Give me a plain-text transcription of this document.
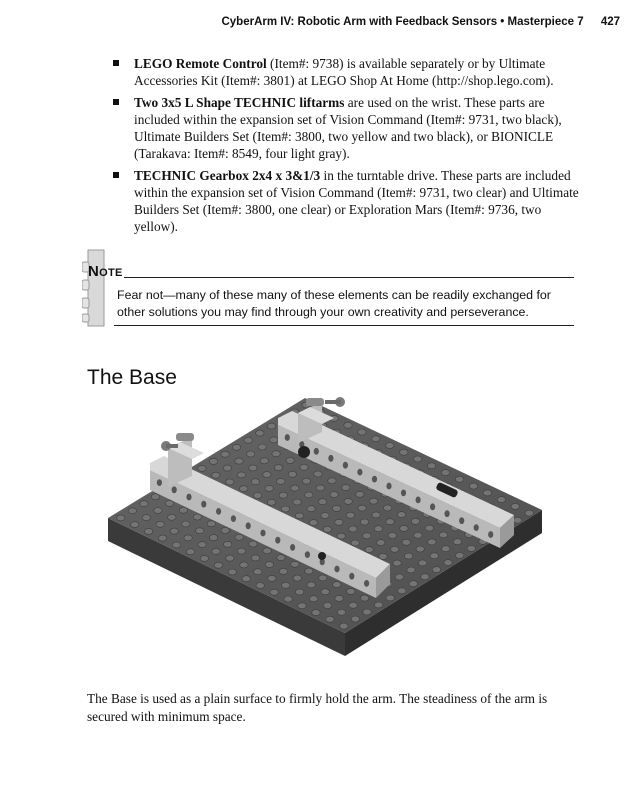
CyberArm IV: Robotic Arm with Feedback Sensors • Masterpiece 7 427
LEGO Remote Control (Item#: 9738) is available separately or by Ultimate Accessories Kit (Item#: 3801) at LEGO Shop At Home (http://shop.lego.com).
Two 3x5 L Shape TECHNIC liftarms are used on the wrist. These parts are included within the expansion set of Vision Command (Item#: 9731, two black), Ultimate Builders Set (Item#: 3800, two yellow and two black), or BIONICLE (Tarakava: Item#: 8549, four light gray).
TECHNIC Gearbox 2x4 x 3&1/3 in the turntable drive. These parts are included within the expansion set of Vision Command (Item#: 9731, two clear) and Ultimate Builders Set (Item#: 3800, one clear) or Exploration Mars (Item#: 9736, two yellow).
NOTE
Fear not—many of these many of these elements can be readily exchanged for other solutions you may find through your own creativity and perseverance.
The Base

The Base is used as a plain surface to firmly hold the arm. The steadiness of the arm is secured with minimum space.
